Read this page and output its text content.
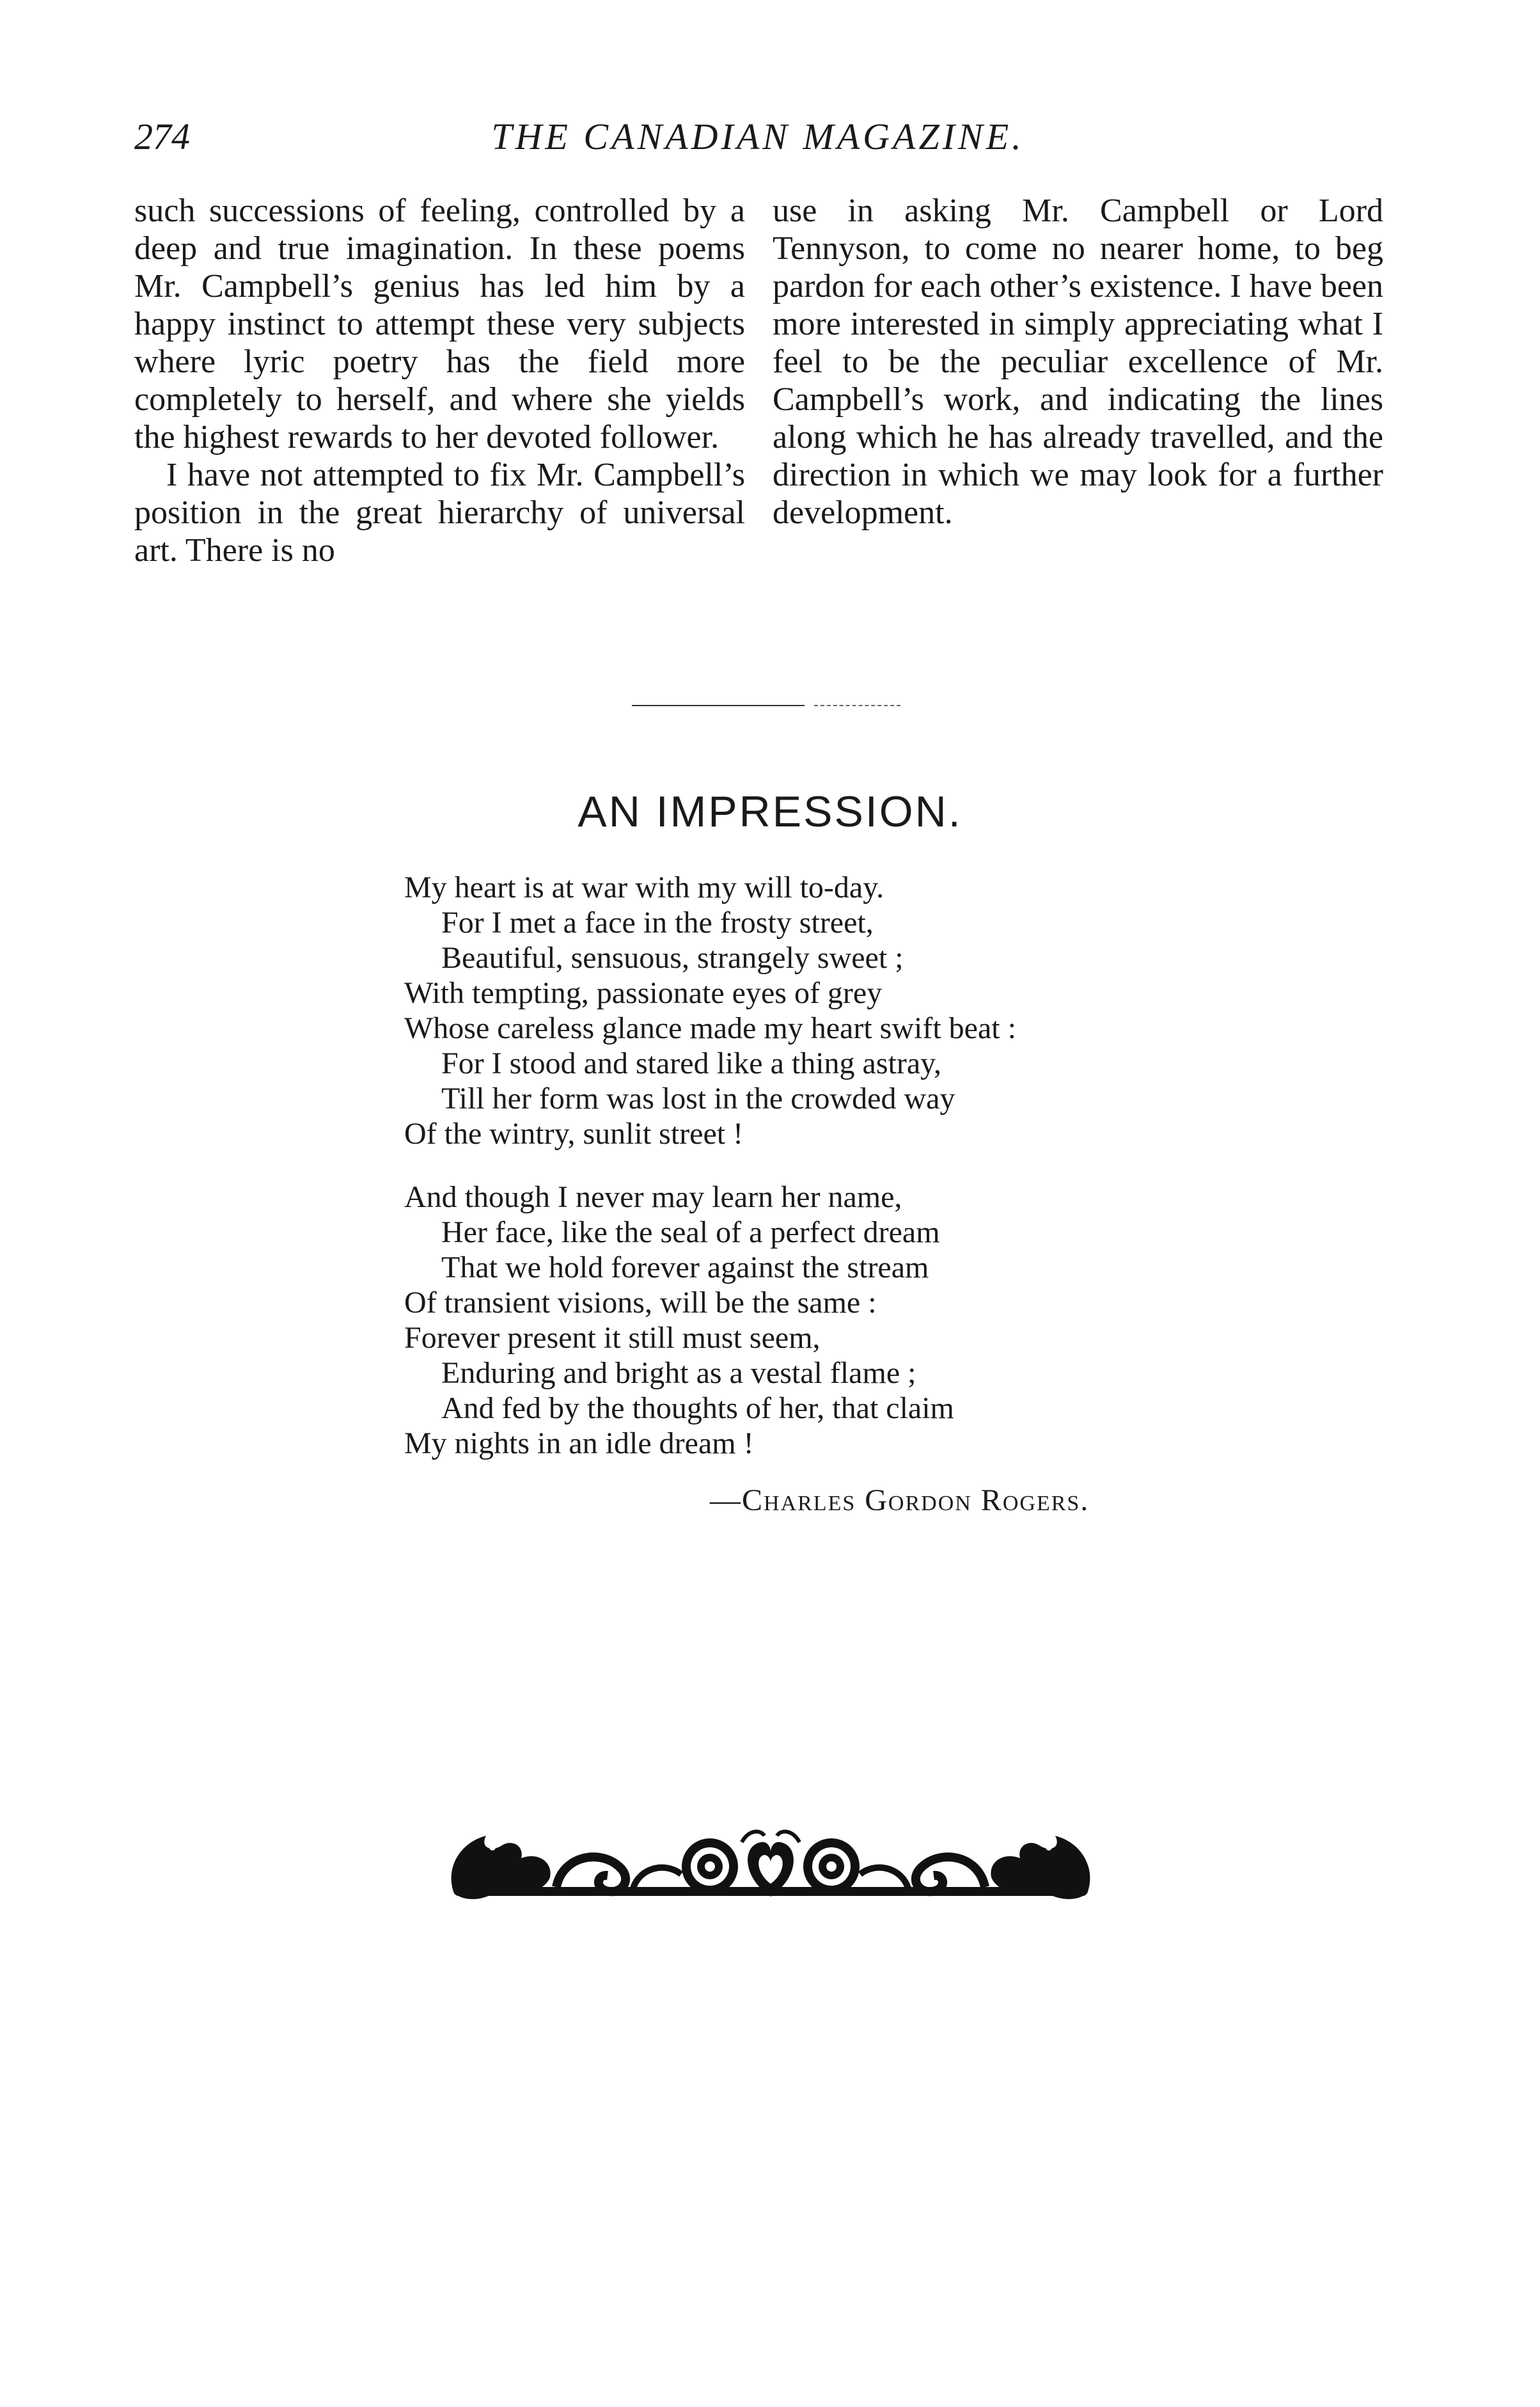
274	THE CANADIAN MAGAZINE.

such successions of feeling, controlled by a deep and true imagination. In these poems Mr. Campbell’s genius has led him by a happy instinct to attempt these very subjects where lyric poetry has the field more completely to herself, and where she yields the highest rewards to her devoted follower.

I have not attempted to fix Mr. Campbell’s position in the great hierarchy of universal art. There is no

use in asking Mr. Campbell or Lord Tennyson, to come no nearer home, to beg pardon for each other’s existence. I have been more interested in simply appreciating what I feel to be the peculiar excellence of Mr. Campbell’s work, and indicating the lines along which he has already travelled, and the direction in which we may look for a further development.

AN IMPRESSION.
My heart is at war with my will to-day.
For I met a face in the frosty street,
Beautiful, sensuous, strangely sweet ;
With tempting, passionate eyes of grey
Whose careless glance made my heart swift beat :
For I stood and stared like a thing astray,
Till her form was lost in the crowded way
Of the wintry, sunlit street !
And though I never may learn her name,
Her face, like the seal of a perfect dream
That we hold forever against the stream
Of transient visions, will be the same :
Forever present it still must seem,
Enduring and bright as a vestal flame ;
And fed by the thoughts of her, that claim
My nights in an idle dream !
—Charles Gordon Rogers.
